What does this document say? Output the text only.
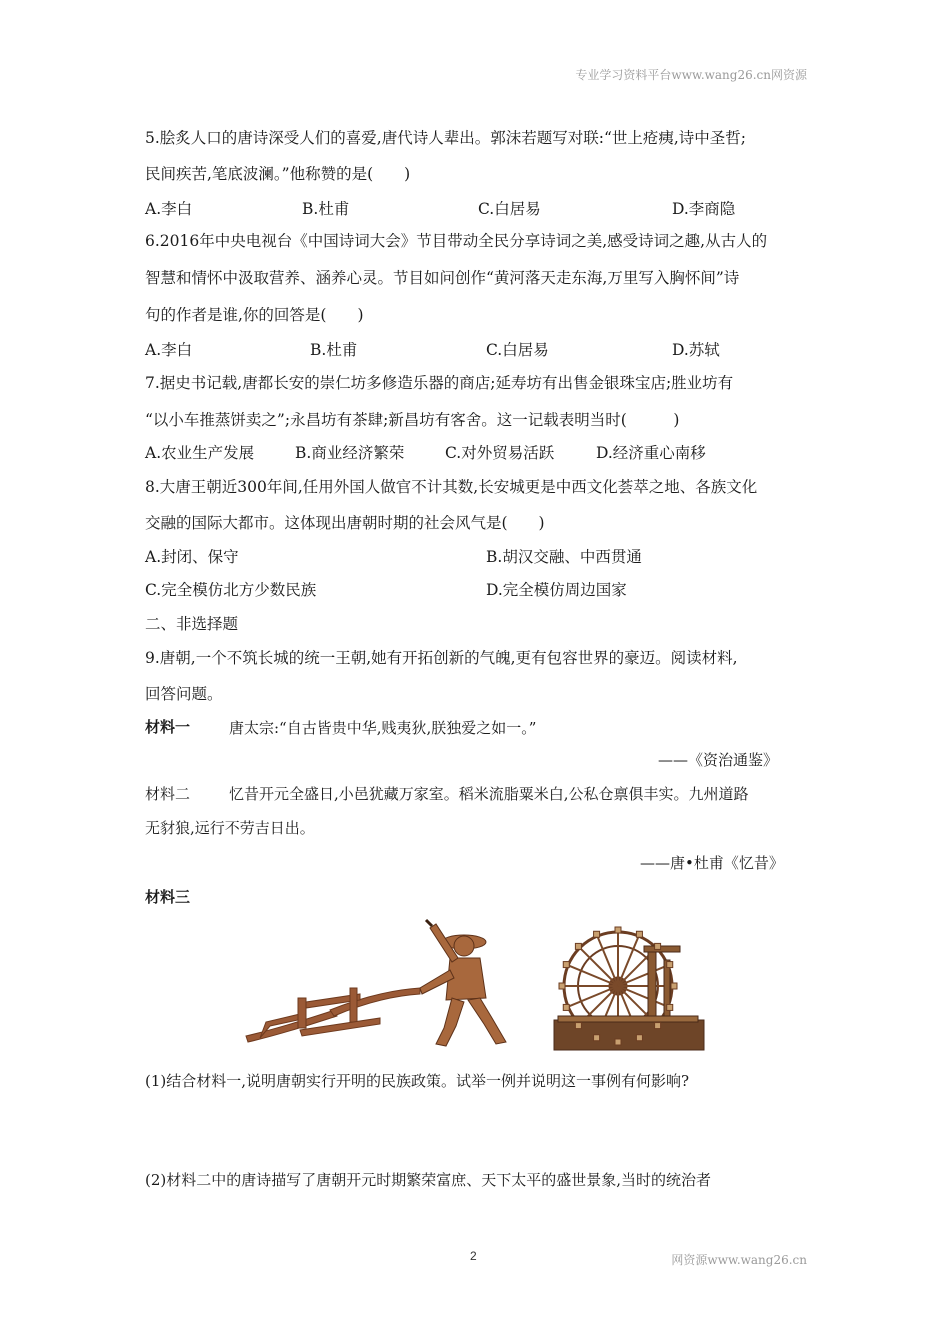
专业学习资料平台www.wang26.cn网资源
5.脍炙人口的唐诗深受人们的喜爱,唐代诗人辈出。郭沫若题写对联:“世上疮痍,诗中圣哲;
民间疾苦,笔底波澜。”他称赞的是(　　)
A.李白	B.杜甫	C.白居易	D.李商隐
6.2016年中央电视台《中国诗词大会》节目带动全民分享诗词之美,感受诗词之趣,从古人的
智慧和情怀中汲取营养、涵养心灵。节目如问创作“黄河落天走东海,万里写入胸怀间”诗
句的作者是谁,你的回答是(　　)
A.李白	B.杜甫	C.白居易	D.苏轼
7.据史书记载,唐都长安的崇仁坊多修造乐器的商店;延寿坊有出售金银珠宝店;胜业坊有
“以小车推蒸饼卖之”;永昌坊有茶肆;新昌坊有客舍。这一记载表明当时(　　　)
A.农业生产发展	B.商业经济繁荣	C.对外贸易活跃	D.经济重心南移
8.大唐王朝近300年间,任用外国人做官不计其数,长安城更是中西文化荟萃之地、各族文化
交融的国际大都市。这体现出唐朝时期的社会风气是(　　)
A.封闭、保守	B.胡汉交融、中西贯通
C.完全模仿北方少数民族	D.完全模仿周边国家
二、非选择题
9.唐朝,一个不筑长城的统一王朝,她有开拓创新的气魄,更有包容世界的豪迈。阅读材料,
回答问题。
材料一	唐太宗:“自古皆贵中华,贱夷狄,朕独爱之如一。”
——《资治通鉴》
材料二	忆昔开元全盛日,小邑犹藏万家室。稻米流脂粟米白,公私仓禀俱丰实。九州道路
无豺狼,远行不劳吉日出。
——唐•杜甫《忆昔》
材料三
(1)结合材料一,说明唐朝实行开明的民族政策。试举一例并说明这一事例有何影响?
(2)材料二中的唐诗描写了唐朝开元时期繁荣富庶、天下太平的盛世景象,当时的统治者
2	网资源www.wang26.cn
